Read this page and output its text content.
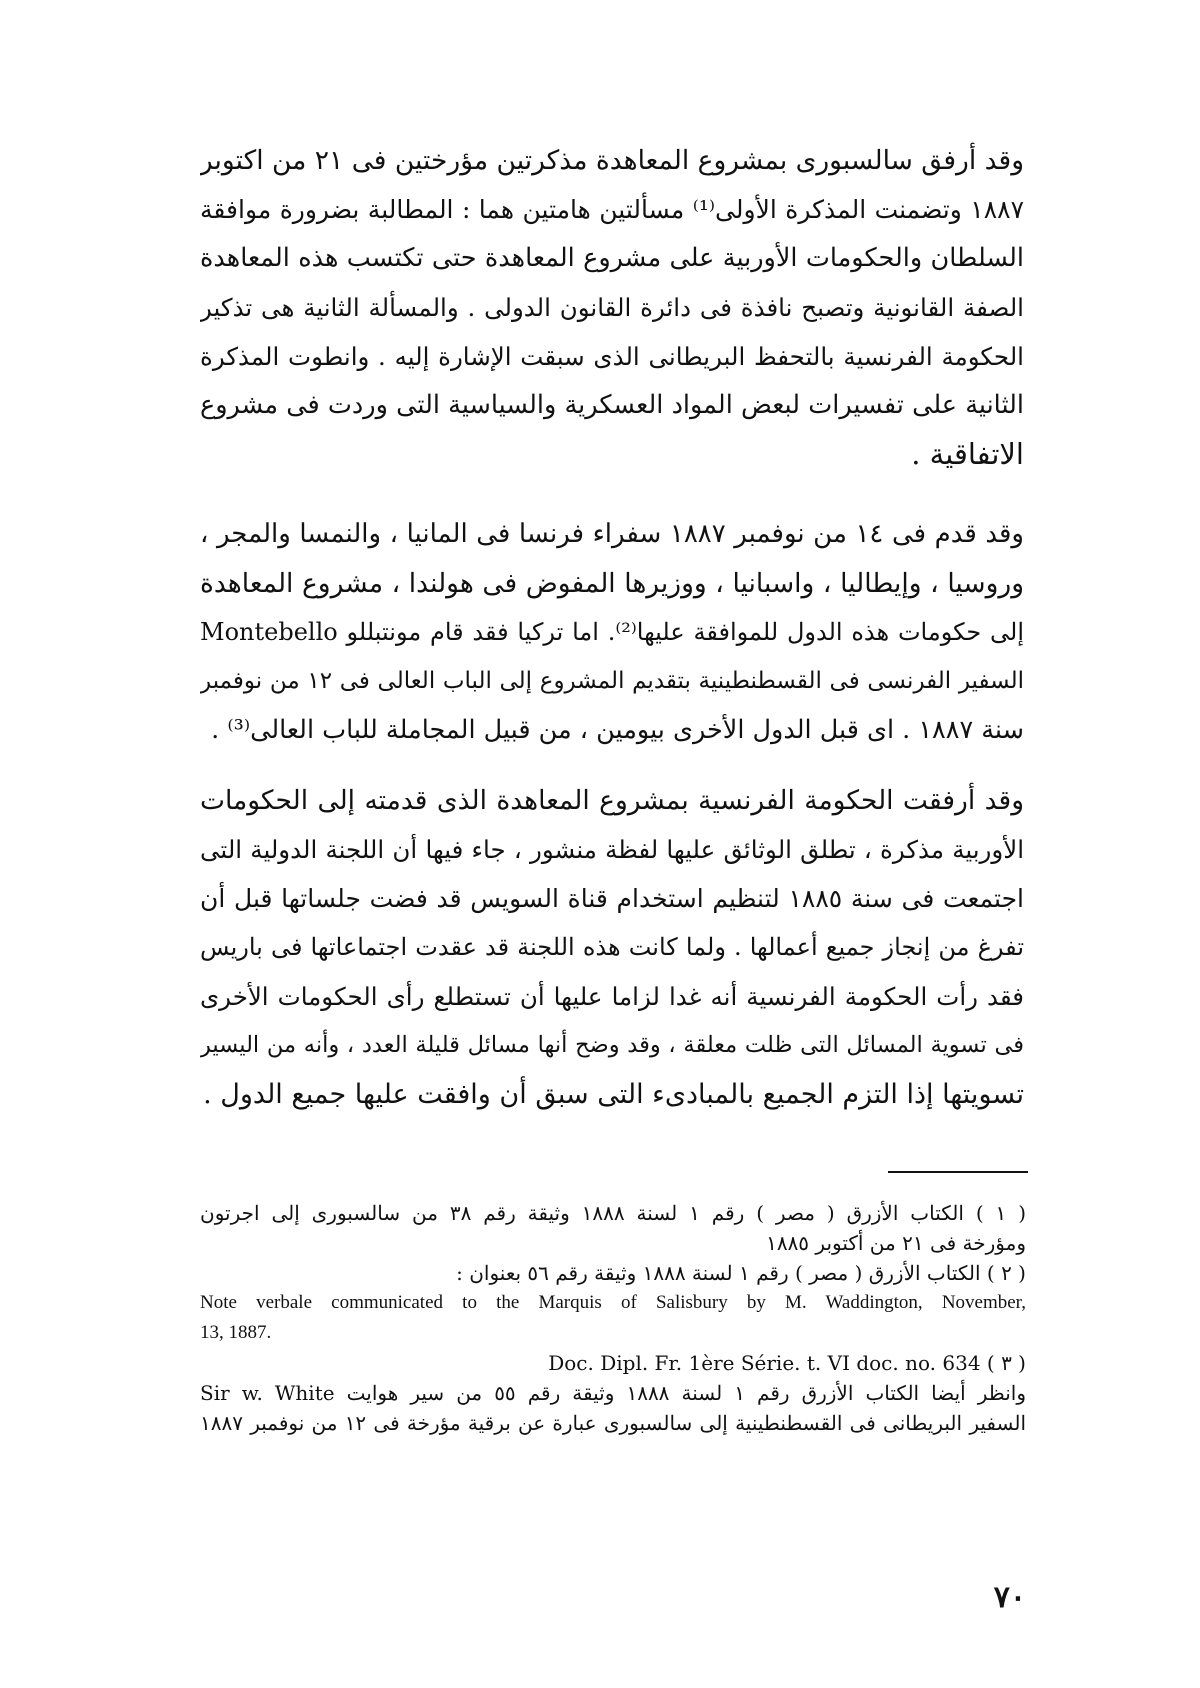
وقد أرفق سالسبورى بمشروع المعاهدة مذكرتين مؤرختين فى ٢١ من اكتوبر
١٨٨٧ وتضمنت المذكرة الأولى⁽¹⁾ مسألتين هامتين هما : المطالبة بضرورة موافقة
السلطان والحكومات الأوربية على مشروع المعاهدة حتى تكتسب هذه المعاهدة
الصفة القانونية وتصبح نافذة فى دائرة القانون الدولى . والمسألة الثانية هى تذكير
الحكومة الفرنسية بالتحفظ البريطانى الذى سبقت الإشارة إليه . وانطوت المذكرة
الثانية على تفسيرات لبعض المواد العسكرية والسياسية التى وردت فى مشروع
الاتفاقية .
وقد قدم فى ١٤ من نوفمبر ١٨٨٧ سفراء فرنسا فى المانيا ، والنمسا والمجر ،
وروسيا ، وإيطاليا ، واسبانيا ، ووزيرها المفوض فى هولندا ، مشروع المعاهدة
إلى حكومات هذه الدول للموافقة عليها⁽²⁾. اما تركيا فقد قام مونتبللو Montebello
السفير الفرنسى فى القسطنطينية بتقديم المشروع إلى الباب العالى فى ١٢ من نوفمبر
سنة ١٨٨٧ . اى قبل الدول الأخرى بيومين ، من قبيل المجاملة للباب العالى⁽³⁾ .
وقد أرفقت الحكومة الفرنسية بمشروع المعاهدة الذى قدمته إلى الحكومات
الأوربية مذكرة ، تطلق الوثائق عليها لفظة منشور ، جاء فيها أن اللجنة الدولية التى
اجتمعت فى سنة ١٨٨٥ لتنظيم استخدام قناة السويس قد فضت جلساتها قبل أن
تفرغ من إنجاز جميع أعمالها . ولما كانت هذه اللجنة قد عقدت اجتماعاتها فى باريس
فقد رأت الحكومة الفرنسية أنه غدا لزاما عليها أن تستطلع رأى الحكومات الأخرى
فى تسوية المسائل التى ظلت معلقة ، وقد وضح أنها مسائل قليلة العدد ، وأنه من اليسير
تسويتها إذا التزم الجميع بالمبادىء التى سبق أن وافقت عليها جميع الدول .
( ١ ) الكتاب الأزرق ( مصر ) رقم ١ لسنة ١٨٨٨ وثيقة رقم ٣٨ من سالسبورى إلى اجرتون
ومؤرخة فى ٢١ من أكتوبر ١٨٨٥
( ٢ ) الكتاب الأزرق ( مصر ) رقم ١ لسنة ١٨٨٨ وثيقة رقم ٥٦ بعنوان :
Note verbale communicated to the Marquis of Salisbury by M. Waddington, November,
13, 1887.
( ٣ ) Doc. Dipl. Fr. 1ère Série. t. VI doc. no. 634
وانظر أيضا الكتاب الأزرق رقم ١ لسنة ١٨٨٨ وثيقة رقم ٥٥ من سير هوايت Sir w. White
السفير البريطانى فى القسطنطينية إلى سالسبورى عبارة عن برقية مؤرخة فى ١٢ من نوفمبر ١٨٨٧
٧٠
